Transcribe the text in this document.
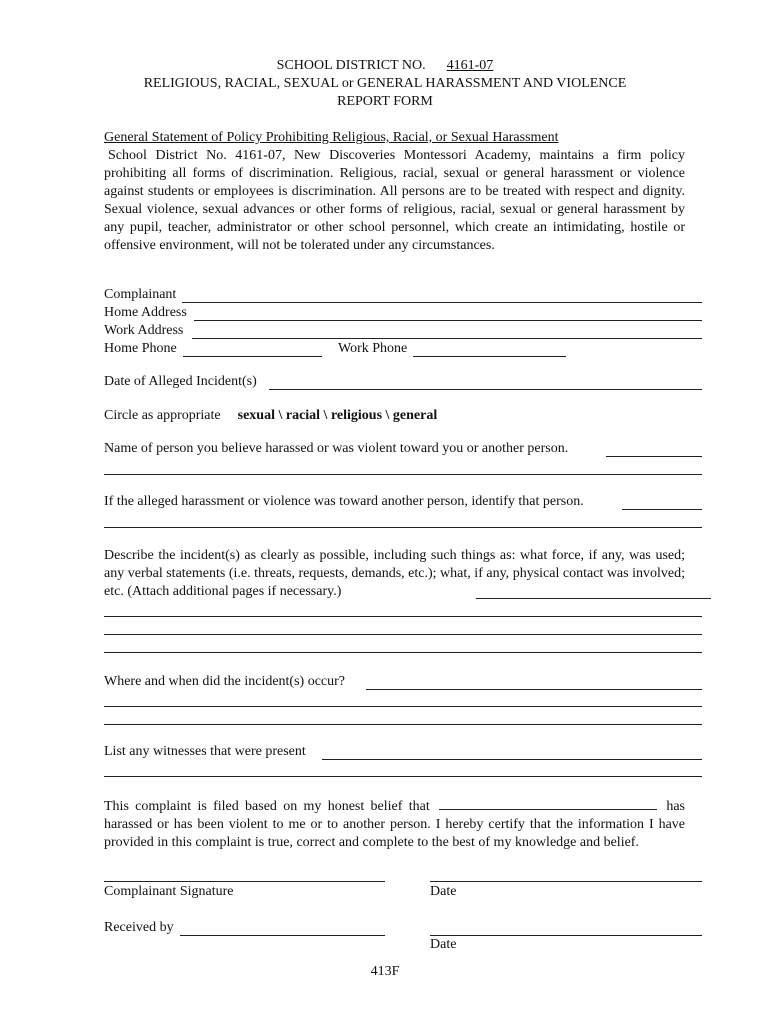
SCHOOL DISTRICT NO. 4161-07
RELIGIOUS, RACIAL, SEXUAL or GENERAL HARASSMENT AND VIOLENCE
REPORT FORM
General Statement of Policy Prohibiting Religious, Racial, or Sexual Harassment
School District No. 4161-07, New Discoveries Montessori Academy, maintains a firm policy prohibiting all forms of discrimination. Religious, racial, sexual or general harassment or violence against students or employees is discrimination. All persons are to be treated with respect and dignity. Sexual violence, sexual advances or other forms of religious, racial, sexual or general harassment by any pupil, teacher, administrator or other school personnel, which create an intimidating, hostile or offensive environment, will not be tolerated under any circumstances.
Complainant
Home Address
Work Address
Home Phone	Work Phone
Date of Alleged Incident(s)
Circle as appropriate sexual \ racial \ religious \ general
Name of person you believe harassed or was violent toward you or another person.
If the alleged harassment or violence was toward another person, identify that person.
Describe the incident(s) as clearly as possible, including such things as: what force, if any, was used; any verbal statements (i.e. threats, requests, demands, etc.); what, if any, physical contact was involved; etc. (Attach additional pages if necessary.)
Where and when did the incident(s) occur?
List any witnesses that were present
This complaint is filed based on my honest belief that	has harassed or has been violent to me or to another person. I hereby certify that the information I have provided in this complaint is true, correct and complete to the best of my knowledge and belief.
Complainant Signature	Date
Received by
Date
413F
